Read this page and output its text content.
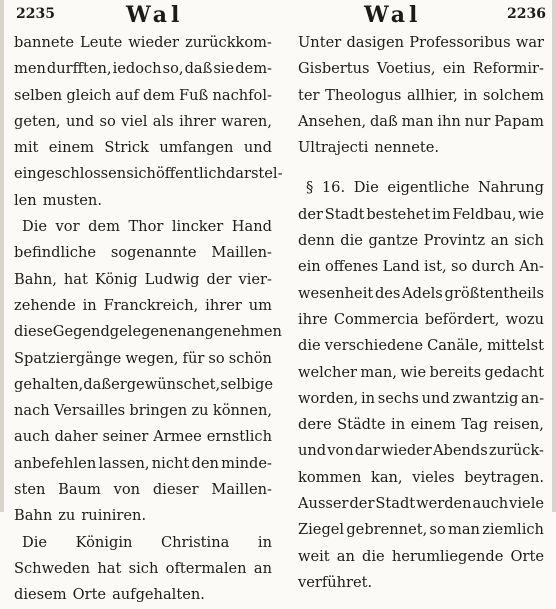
2235	Wal	Wal	2236
bannete Leute wieder zurückkom-
men durfften, iedoch so, daß sie dem-
selben gleich auf dem Fuß nachfol-
geten, und so viel als ihrer waren,
mit einem Strick umfangen und
eingeschlossen sich öffentlich darstel-
len musten.
Die vor dem Thor lincker Hand
befindliche sogenannte Maillen-
Bahn, hat König Ludwig der vier-
zehende in Franckreich, ihrer um
diese Gegend gelegenen angenehmen
Spatziergänge wegen, für so schön
gehalten, daß er gewünschet, selbige
nach Versailles bringen zu können,
auch daher seiner Armee ernstlich
anbefehlen lassen, nicht den minde-
sten Baum von dieser Maillen-
Bahn zu ruiniren.
Die Königin Christina in
Schweden hat sich oftermalen an
diesem Orte aufgehalten.
Unter dasigen Professoribus war
Gisbertus Voetius, ein Reformir-
ter Theologus allhier, in solchem
Ansehen, daß man ihn nur Papam
Ultrajecti nennete.
§ 16. Die eigentliche Nahrung
der Stadt bestehet im Feldbau, wie
denn die gantze Provintz an sich
ein offenes Land ist, so durch An-
wesenheit des Adels größtentheils
ihre Commercia befördert, wozu
die verschiedene Canäle, mittelst
welcher man, wie bereits gedacht
worden, in sechs und zwantzig an-
dere Städte in einem Tag reisen,
und von dar wieder Abends zurück-
kommen kan, vieles beytragen.
Ausser der Stadt werden auch viele
Ziegel gebrennet, so man ziemlich
weit an die herumliegende Orte
verführet.
